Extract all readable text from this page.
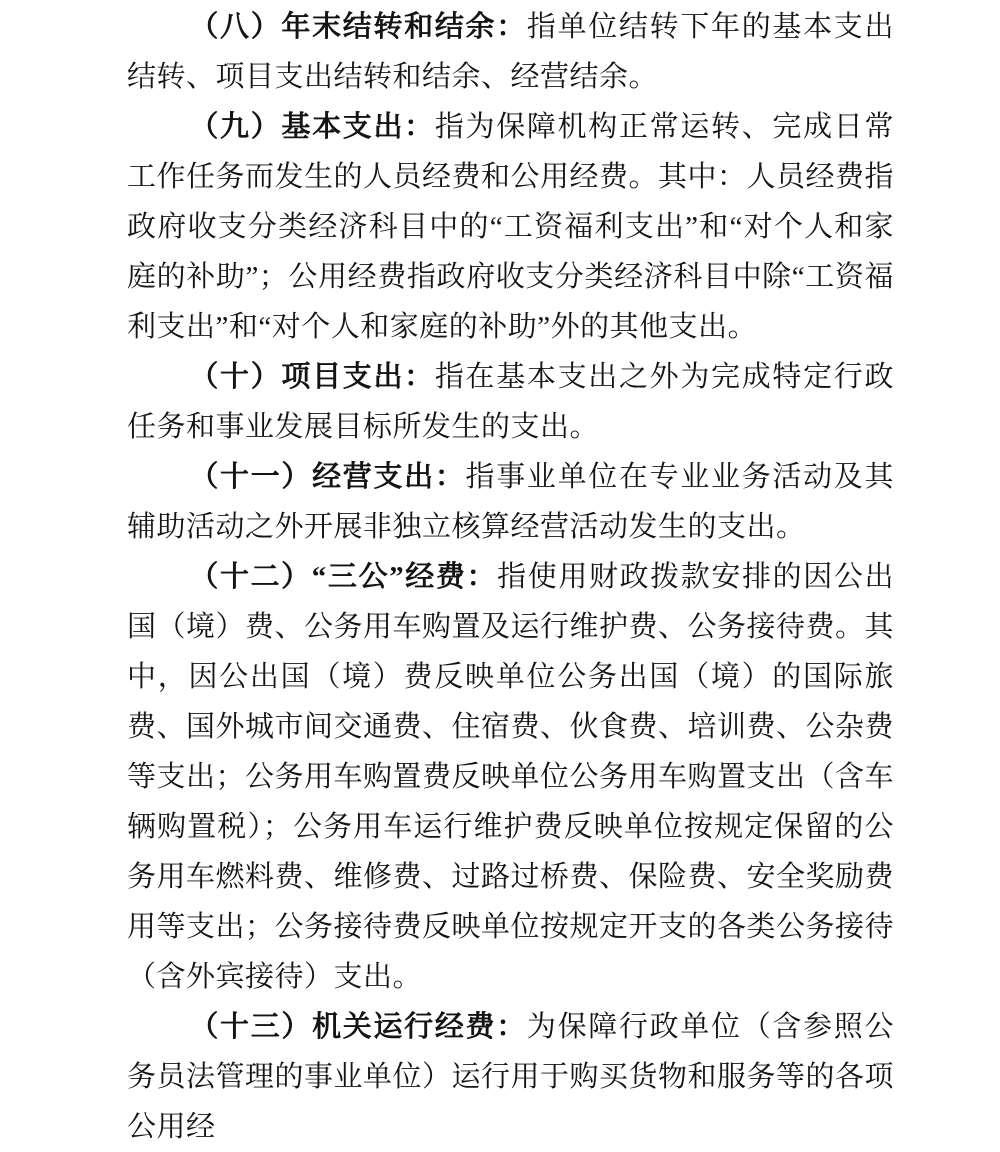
（八）年末结转和结余：指单位结转下年的基本支出结转、项目支出结转和结余、经营结余。

（九）基本支出：指为保障机构正常运转、完成日常工作任务而发生的人员经费和公用经费。其中：人员经费指政府收支分类经济科目中的“工资福利支出”和“对个人和家庭的补助”；公用经费指政府收支分类经济科目中除“工资福利支出”和“对个人和家庭的补助”外的其他支出。

（十）项目支出：指在基本支出之外为完成特定行政任务和事业发展目标所发生的支出。

（十一）经营支出：指事业单位在专业业务活动及其辅助活动之外开展非独立核算经营活动发生的支出。

（十二）“三公”经费：指使用财政拨款安排的因公出国（境）费、公务用车购置及运行维护费、公务接待费。其中，因公出国（境）费反映单位公务出国（境）的国际旅费、国外城市间交通费、住宿费、伙食费、培训费、公杂费等支出；公务用车购置费反映单位公务用车购置支出（含车辆购置税）；公务用车运行维护费反映单位按规定保留的公务用车燃料费、维修费、过路过桥费、保险费、安全奖励费用等支出；公务接待费反映单位按规定开支的各类公务接待（含外宾接待）支出。

（十三）机关运行经费：为保障行政单位（含参照公务员法管理的事业单位）运行用于购买货物和服务等的各项公用经
